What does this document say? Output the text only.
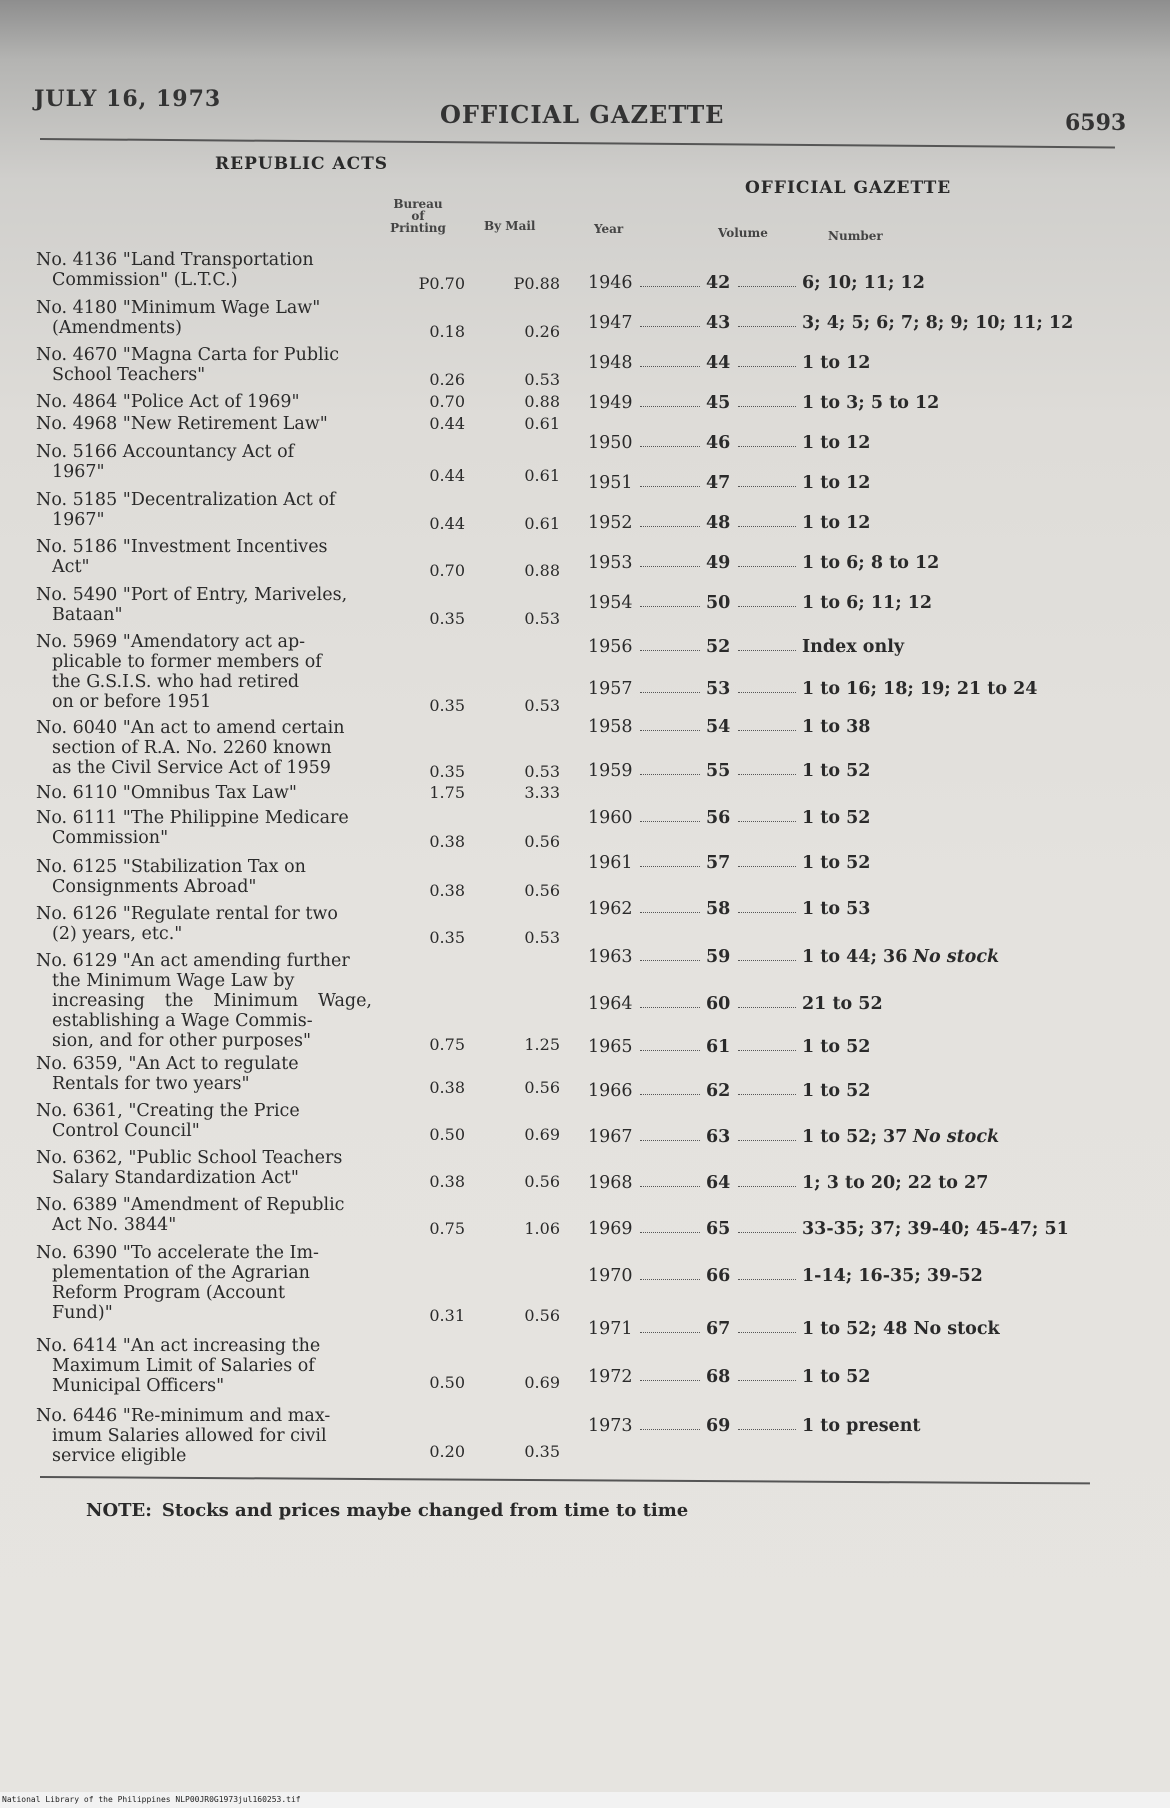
JULY 16, 1973
OFFICIAL GAZETTE	6593
REPUBLIC ACTS
OFFICIAL GAZETTE
Bureau of Printing	By Mail	Year	Volume	Number
No. 4136 "Land Transportation
Commission" (L.T.C.)	P0.70	P0.88
No. 4180 "Minimum Wage Law"
(Amendments)	0.18	0.26
No. 4670 "Magna Carta for Public
School Teachers"	0.26	0.53
No. 4864 "Police Act of 1969"	0.70	0.88
No. 4968 "New Retirement Law"	0.44	0.61
No. 5166 Accountancy Act of
1967"	0.44	0.61
No. 5185 "Decentralization Act of
1967"	0.44	0.61
No. 5186 "Investment Incentives
Act"	0.70	0.88
No. 5490 "Port of Entry, Mariveles,
Bataan"	0.35	0.53
No. 5969 "Amendatory act ap-
plicable to former members of
the G.S.I.S. who had retired
on or before 1951	0.35	0.53
No. 6040 "An act to amend certain
section of R.A. No. 2260 known
as the Civil Service Act of 1959	0.35	0.53
No. 6110 "Omnibus Tax Law"	1.75	3.33
No. 6111 "The Philippine Medicare
Commission"	0.38	0.56
No. 6125 "Stabilization Tax on
Consignments Abroad"	0.38	0.56
No. 6126 "Regulate rental for two
(2) years, etc."	0.35	0.53
No. 6129 "An act amending further
the Minimum Wage Law by
increasing the Minimum Wage, establishing a Wage Commis-
sion, and for other purposes"	0.75	1.25
No. 6359, "An Act to regulate
Rentals for two years"	0.38	0.56
No. 6361, "Creating the Price
Control Council"	0.50	0.69
No. 6362, "Public School Teachers
Salary Standardization Act"	0.38	0.56
No. 6389 "Amendment of Republic
Act No. 3844"	0.75	1.06
No. 6390 "To accelerate the Im-
plementation of the Agrarian
Reform Program (Account
Fund)"	0.31	0.56
No. 6414 "An act increasing the
Maximum Limit of Salaries of
Municipal Officers"	0.50	0.69
No. 6446 "Re-minimum and max-
imum Salaries allowed for civil
service eligible	0.20	0.35
1946	42	6; 10; 11; 12
1947	43	3; 4; 5; 6; 7; 8; 9; 10; 11; 12
1948	44	1 to 12
1949	45	1 to 3; 5 to 12
1950	46	1 to 12
1951	47	1 to 12
1952	48	1 to 12
1953	49	1 to 6; 8 to 12
1954	50	1 to 6; 11; 12
1956	52	Index only
1957	53	1 to 16; 18; 19; 21 to 24
1958	54	1 to 38
1959	55	1 to 52
1960	56	1 to 52
1961	57	1 to 52
1962	58	1 to 53
1963	59	1 to 44; 36 No stock
1964	60	21 to 52
1965	61	1 to 52
1966	62	1 to 52
1967	63	1 to 52; 37 No stock
1968	64	1; 3 to 20; 22 to 27
1969	65	33-35; 37; 39-40; 45-47; 51
1970	66	1-14; 16-35; 39-52
1971	67	1 to 52; 48 No stock
1972	68	1 to 52
1973	69	1 to present
NOTE: Stocks and prices maybe changed from time to time
National Library of the Philippines NLP00JR0G1973jul160253.tif
